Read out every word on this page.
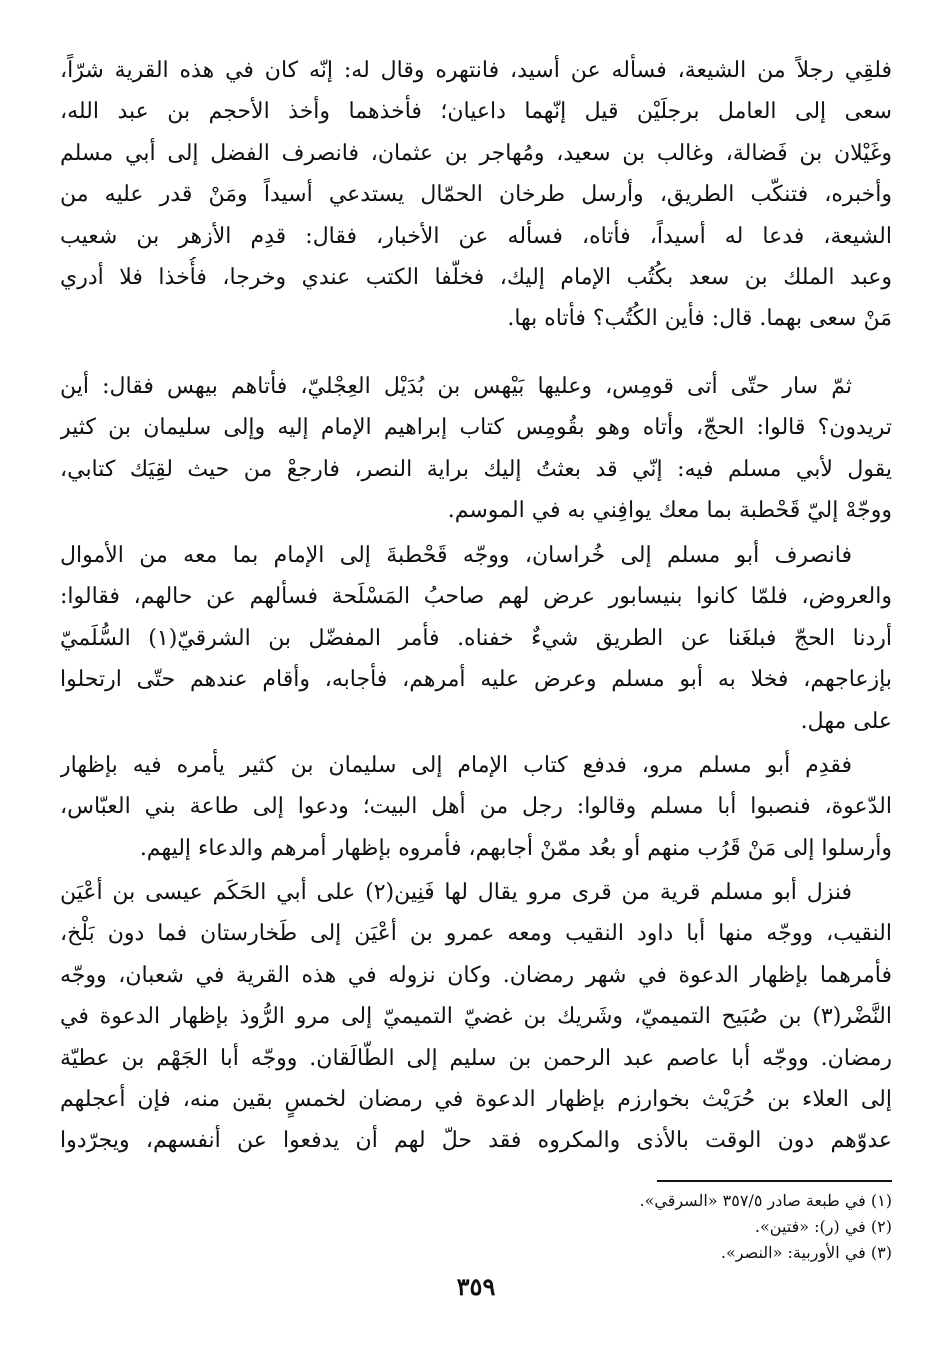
فلقِي رجلاً من الشيعة، فسأله عن أسيد، فانتهره وقال له: إنّه كان في هذه القرية شرّاً،
سعى إلى العامل برجلَيْن قيل إنّهما داعيان؛ فأخذهما وأخذ الأحجم بن عبد الله،
وغَيْلان بن فَضالة، وغالب بن سعيد، ومُهاجر بن عثمان، فانصرف الفضل إلى أبي مسلم
وأخبره، فتنكّب الطريق، وأرسل طرخان الحمّال يستدعي أسيداً ومَنْ قدر عليه من
الشيعة، فدعا له أسيداً، فأتاه، فسأله عن الأخبار، فقال: قدِم الأزهر بن شعيب
وعبد الملك بن سعد بكُتُب الإمام إليك، فخلّفا الكتب عندي وخرجا، فأُخذا فلا أدري
مَنْ سعى بهما. قال: فأين الكُتُب؟ فأتاه بها.
ثمّ سار حتّى أتى قومِس، وعليها بَيْهس بن بُدَيْل العِجْليّ، فأتاهم بيهس فقال: أين
تريدون؟ قالوا: الحجّ، وأتاه وهو بقُومِس كتاب إبراهيم الإمام إليه وإلى سليمان بن كثير
يقول لأبي مسلم فيه: إنّي قد بعثتُ إليك براية النصر، فارجعْ من حيث لقِيَك كتابي،
ووجّهْ إليّ قَحْطبة بما معك يوافِني به في الموسم.
فانصرف أبو مسلم إلى خُراسان، ووجّه قَحْطبةَ إلى الإمام بما معه من الأموال
والعروض، فلمّا كانوا بنيسابور عرض لهم صاحبُ المَسْلَحة فسألهم عن حالهم، فقالوا:
أردنا الحجّ فبلغَنا عن الطريق شيءٌ خفناه. فأمر المفضّل بن الشرقيّ(١) السُّلَميّ
بإزعاجهم، فخلا به أبو مسلم وعرض عليه أمرهم، فأجابه، وأقام عندهم حتّى ارتحلوا
على مهل.
فقدِم أبو مسلم مرو، فدفع كتاب الإمام إلى سليمان بن كثير يأمره فيه بإظهار
الدّعوة، فنصبوا أبا مسلم وقالوا: رجل من أهل البيت؛ ودعوا إلى طاعة بني العبّاس،
وأرسلوا إلى مَنْ قَرُب منهم أو بعُد ممّنْ أجابهم، فأمروه بإظهار أمرهم والدعاء إليهم.
فنزل أبو مسلم قرية من قرى مرو يقال لها فَنِين(٢) على أبي الحَكَم عيسى بن أعْيَن
النقيب، ووجّه منها أبا داود النقيب ومعه عمرو بن أعْيَن إلى طَخارستان فما دون بَلْخ،
فأمرهما بإظهار الدعوة في شهر رمضان. وكان نزوله في هذه القرية في شعبان، ووجّه
النَّضْر(٣) بن صُبَيح التميميّ، وشَريك بن غضيّ التميميّ إلى مرو الرُّوذ بإظهار الدعوة في
رمضان. ووجّه أبا عاصم عبد الرحمن بن سليم إلى الطّالَقان. ووجّه أبا الجَهْم بن عطيّة
إلى العلاء بن حُرَيْث بخوارزم بإظهار الدعوة في رمضان لخمسٍ بقين منه، فإن أعجلهم
عدوّهم دون الوقت بالأذى والمكروه فقد حلّ لهم أن يدفعوا عن أنفسهم، ويجرّدوا
(١) في طبعة صادر ٣٥٧/٥ «السرقي».
(٢) في (ر): «فتين».
(٣) في الأوربية: «النصر».
٣٥٩
